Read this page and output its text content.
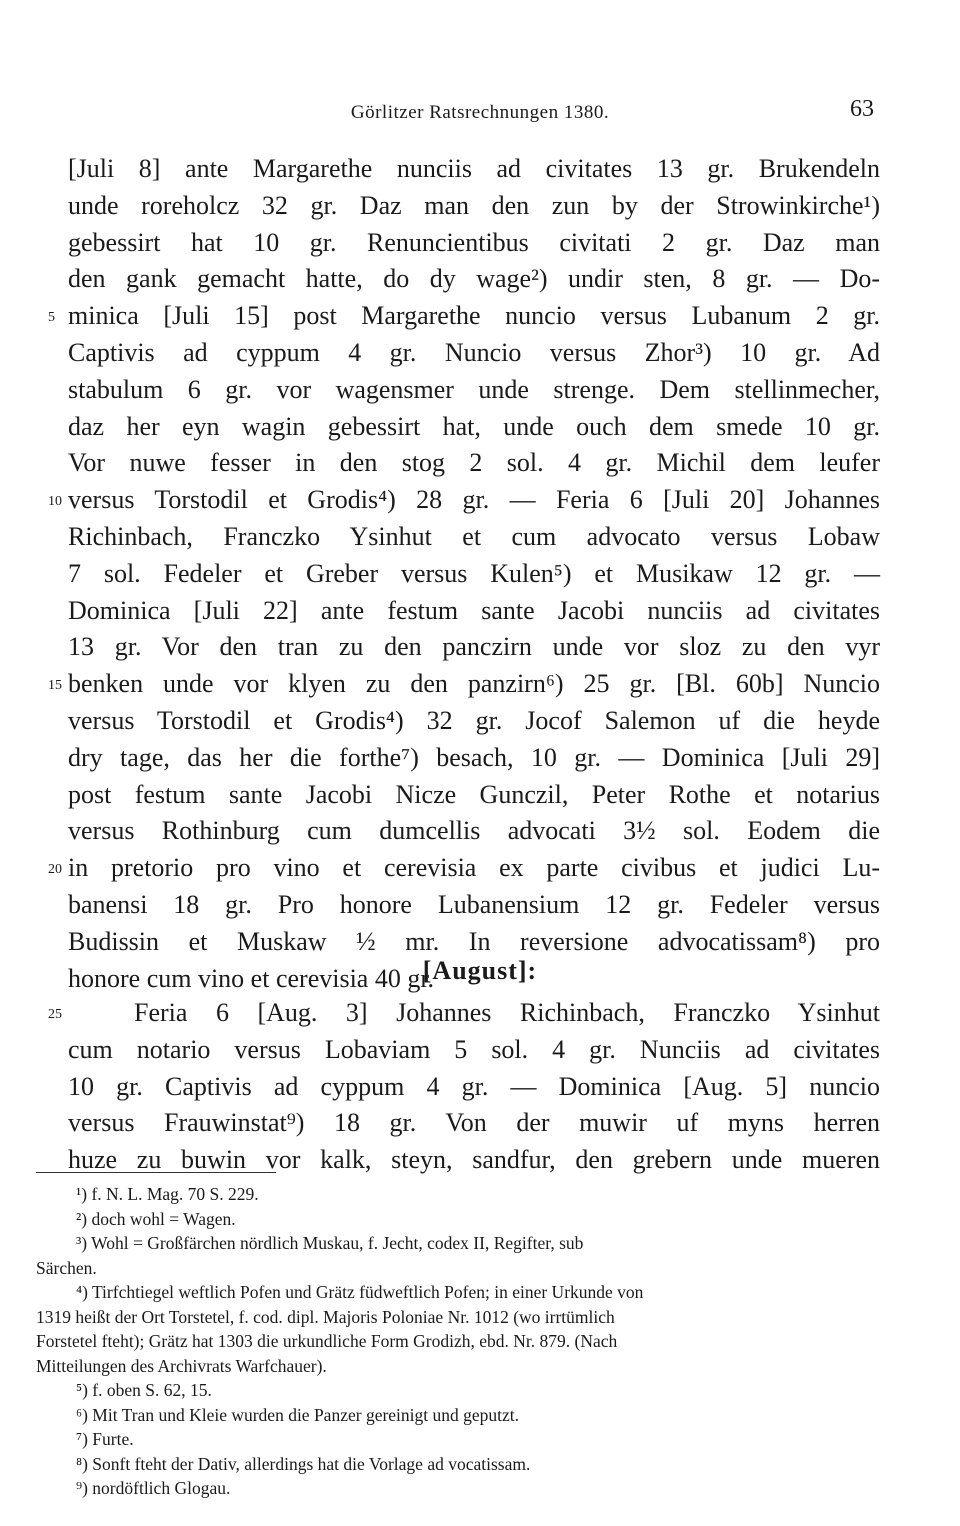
Görlitzer Ratsrechnungen 1380.	63
[Juli 8] ante Margarethe nunciis ad civitates 13 gr. Brukendeln
unde roreholcz 32 gr. Daz man den zun by der Strowinkirche¹)
gebessirt hat 10 gr. Renuncientibus civitati 2 gr. Daz man
den gank gemacht hatte, do dy wage²) undir sten, 8 gr. — Do-
5 minica [Juli 15] post Margarethe nuncio versus Lubanum 2 gr.
Captivis ad cyppum 4 gr. Nuncio versus Zhor³) 10 gr. Ad
stabulum 6 gr. vor wagensmer unde strenge. Dem stellinmecher,
daz her eyn wagin gebessirt hat, unde ouch dem smede 10 gr.
Vor nuwe fesser in den stog 2 sol. 4 gr. Michil dem leufer
10 versus Torstodil et Grodis⁴) 28 gr. — Feria 6 [Juli 20] Johannes
Richinbach, Franczko Ysinhut et cum advocato versus Lobaw
7 sol. Fedeler et Greber versus Kulen⁵) et Musikaw 12 gr. —
Dominica [Juli 22] ante festum sante Jacobi nunciis ad civitates
13 gr. Vor den tran zu den panczirn unde vor sloz zu den vyr
15 benken unde vor klyen zu den panzirn⁶) 25 gr. [Bl. 60b] Nuncio
versus Torstodil et Grodis⁴) 32 gr. Jocof Salemon uf die heyde
dry tage, das her die forthe⁷) besach, 10 gr. — Dominica [Juli 29]
post festum sante Jacobi Nicze Gunczil, Peter Rothe et notarius
versus Rothinburg cum dumcellis advocati 3½ sol. Eodem die
20 in pretorio pro vino et cerevisia ex parte civibus et judici Lu-
banensi 18 gr. Pro honore Lubanensium 12 gr. Fedeler versus
Budissin et Muskaw ½ mr. In reversione advocatissam⁸) pro
honore cum vino et cerevisia 40 gr.
[August]:
25	Feria 6 [Aug. 3] Johannes Richinbach, Franczko Ysinhut
cum notario versus Lobaviam 5 sol. 4 gr. Nunciis ad civitates
10 gr. Captivis ad cyppum 4 gr. — Dominica [Aug. 5] nuncio
versus Frauwinstat⁹) 18 gr. Von der muwir uf myns herren
huze zu buwin vor kalk, steyn, sandfur, den grebern unde mueren
¹) f. N. L. Mag. 70 S. 229.
²) doch wohl = Wagen.
³) Wohl = Großfärchen nördlich Muskau, f. Jecht, codex II, Regifter, sub
Särchen.
⁴) Tirfchtiegel weftlich Pofen und Grätz füdweftlich Pofen; in einer Urkunde von
1319 heißt der Ort Torstetel, f. cod. dipl. Majoris Poloniae Nr. 1012 (wo irrtümlich
Forstetel fteht); Grätz hat 1303 die urkundliche Form Grodizh, ebd. Nr. 879. (Nach
Mitteilungen des Archivrats Warfchauer).
⁵) f. oben S. 62, 15.
⁶) Mit Tran und Kleie wurden die Panzer gereinigt und geputzt.
⁷) Furte.
⁸) Sonft fteht der Dativ, allerdings hat die Vorlage ad vocatissam.
⁹) nordöftlich Glogau.
